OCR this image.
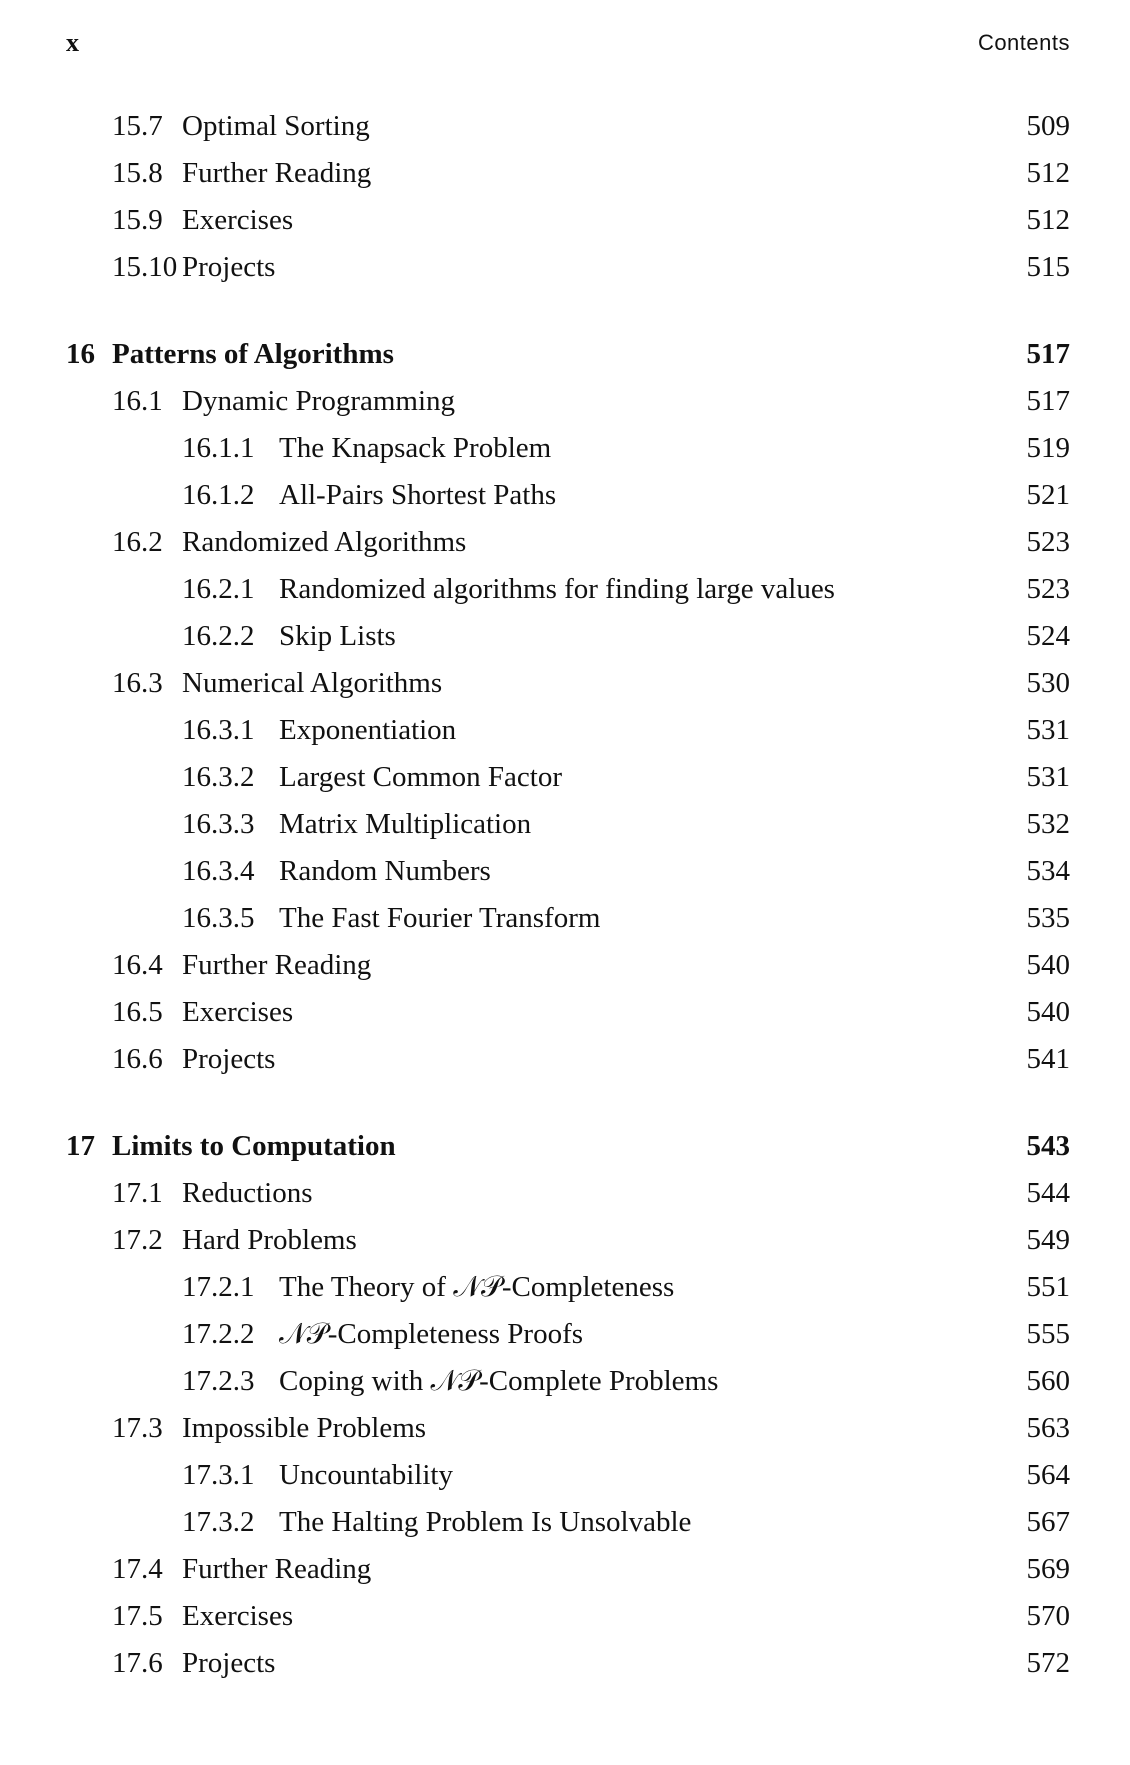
x	Contents
15.7 Optimal Sorting	509
15.8 Further Reading	512
15.9 Exercises	512
15.10 Projects	515
16 Patterns of Algorithms	517
16.1 Dynamic Programming	517
16.1.1 The Knapsack Problem	519
16.1.2 All-Pairs Shortest Paths	521
16.2 Randomized Algorithms	523
16.2.1 Randomized algorithms for finding large values	523
16.2.2 Skip Lists	524
16.3 Numerical Algorithms	530
16.3.1 Exponentiation	531
16.3.2 Largest Common Factor	531
16.3.3 Matrix Multiplication	532
16.3.4 Random Numbers	534
16.3.5 The Fast Fourier Transform	535
16.4 Further Reading	540
16.5 Exercises	540
16.6 Projects	541
17 Limits to Computation	543
17.1 Reductions	544
17.2 Hard Problems	549
17.2.1 The Theory of 𝒩𝒫-Completeness	551
17.2.2 𝒩𝒫-Completeness Proofs	555
17.2.3 Coping with 𝒩𝒫-Complete Problems	560
17.3 Impossible Problems	563
17.3.1 Uncountability	564
17.3.2 The Halting Problem Is Unsolvable	567
17.4 Further Reading	569
17.5 Exercises	570
17.6 Projects	572
